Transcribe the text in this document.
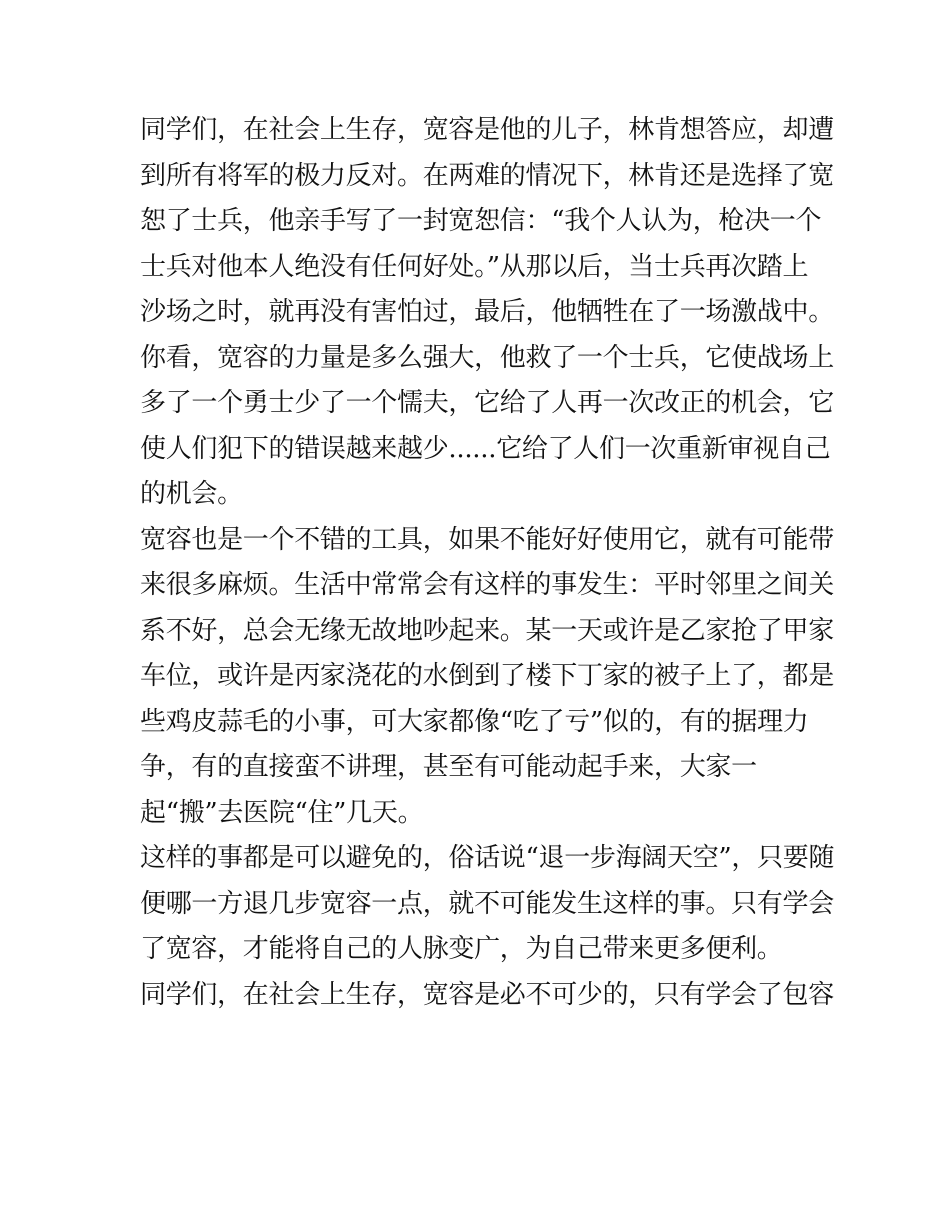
同学们，在社会上生存，宽容是他的儿子，林肯想答应，却遭
到所有将军的极力反对。在两难的情况下，林肯还是选择了宽
恕了士兵，他亲手写了一封宽恕信：“我个人认为，枪决一个
士兵对他本人绝没有任何好处。”从那以后，当士兵再次踏上
沙场之时，就再没有害怕过，最后，他牺牲在了一场激战中。
你看，宽容的力量是多么强大，他救了一个士兵，它使战场上
多了一个勇士少了一个懦夫，它给了人再一次改正的机会，它
使人们犯下的错误越来越少......它给了人们一次重新审视自己
的机会。
宽容也是一个不错的工具，如果不能好好使用它，就有可能带
来很多麻烦。生活中常常会有这样的事发生：平时邻里之间关
系不好，总会无缘无故地吵起来。某一天或许是乙家抢了甲家
车位，或许是丙家浇花的水倒到了楼下丁家的被子上了，都是
些鸡皮蒜毛的小事，可大家都像“吃了亏”似的，有的据理力
争，有的直接蛮不讲理，甚至有可能动起手来，大家一
起“搬”去医院“住”几天。
这样的事都是可以避免的，俗话说“退一步海阔天空”，只要随
便哪一方退几步宽容一点，就不可能发生这样的事。只有学会
了宽容，才能将自己的人脉变广，为自己带来更多便利。
同学们，在社会上生存，宽容是必不可少的，只有学会了包容
